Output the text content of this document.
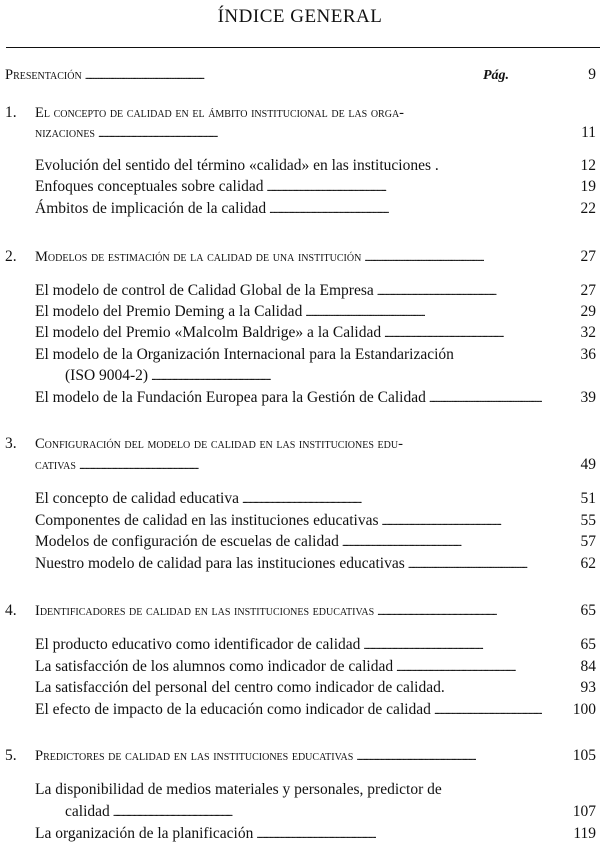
ÍNDICE GENERAL
Presentación . . .	Pág.	9
1.	El concepto de calidad en el ámbito institucional de las orga-
nizaciones . . .	11
Evolución del sentido del término «calidad» en las instituciones .	12
Enfoques conceptuales sobre calidad . . .	19
Ámbitos de implicación de la calidad . . .	22
2.	Modelos de estimación de la calidad de una institución . . .	27
El modelo de control de Calidad Global de la Empresa . . .	27
El modelo del Premio Deming a la Calidad . . .	29
El modelo del Premio «Malcolm Baldrige» a la Calidad . . .	32
El modelo de la Organización Internacional para la Estandarización	36
(ISO 9004-2)
. . .
El modelo de la Fundación Europea para la Gestión de Calidad . . .	39
3.	Configuración del modelo de calidad en las instituciones edu-
cativas . . .	49
El concepto de calidad educativa . . .	51
Componentes de calidad en las instituciones educativas . . .	55
Modelos de configuración de escuelas de calidad . . .	57
Nuestro modelo de calidad para las instituciones educativas . . .	62
4.	Identificadores de calidad en las instituciones educativas . . .	65
El producto educativo como identificador de calidad . . .	65
La satisfacción de los alumnos como indicador de calidad . . .	84
La satisfacción del personal del centro como indicador de calidad.	93
El efecto de impacto de la educación como indicador de calidad . . .	100
5.	Predictores de calidad en las instituciones educativas . . .	105
La disponibilidad de medios materiales y personales, predictor de
calidad . . .	107
La organización de la planificación . . .	119
